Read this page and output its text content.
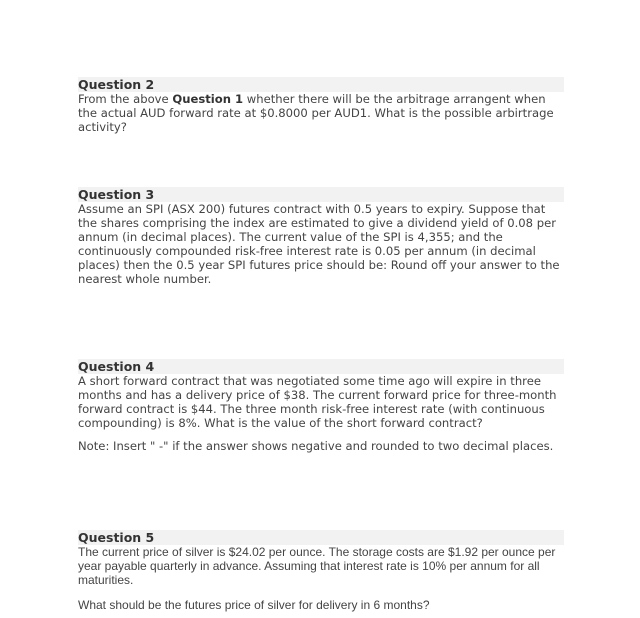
Question 2

From the above Question 1 whether there will be the arbitrage arrangent when the actual AUD forward rate at $0.8000 per AUD1. What is the possible arbirtrage activity?

Question 3

Assume an SPI (ASX 200) futures contract with 0.5 years to expiry. Suppose that the shares comprising the index are estimated to give a dividend yield of 0.08 per annum (in decimal places). The current value of the SPI is 4,355; and the continuously compounded risk-free interest rate is 0.05 per annum (in decimal places) then the 0.5 year SPI futures price should be: Round off your answer to the nearest whole number.

Question 4

A short forward contract that was negotiated some time ago will expire in three months and has a delivery price of $38. The current forward price for three-month forward contract is $44. The three month risk-free interest rate (with continuous compounding) is 8%. What is the value of the short forward contract?

Note: Insert " -" if the answer shows negative and rounded to two decimal places.
Question 5

The current price of silver is $24.02 per ounce. The storage costs are $1.92 per ounce per year payable quarterly in advance. Assuming that interest rate is 10% per annum for all maturities.

What should be the futures price of silver for delivery in 6 months?
